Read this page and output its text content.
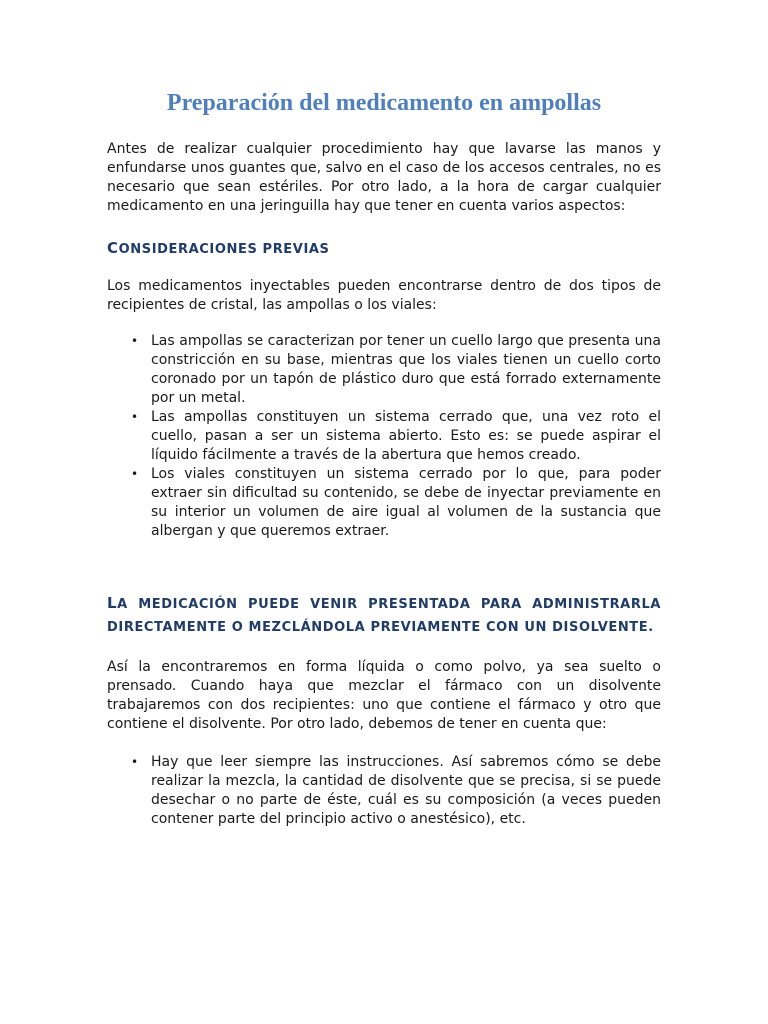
Preparación del medicamento en ampollas

Antes de realizar cualquier procedimiento hay que lavarse las manos y enfundarse unos guantes que, salvo en el caso de los accesos centrales, no es necesario que sean estériles. Por otro lado, a la hora de cargar cualquier medicamento en una jeringuilla hay que tener en cuenta varios aspectos:

CONSIDERACIONES PREVIAS

Los medicamentos inyectables pueden encontrarse dentro de dos tipos de recipientes de cristal, las ampollas o los viales:

• Las ampollas se caracterizan por tener un cuello largo que presenta una constricción en su base, mientras que los viales tienen un cuello corto coronado por un tapón de plástico duro que está forrado externamente por un metal.
• Las ampollas constituyen un sistema cerrado que, una vez roto el cuello, pasan a ser un sistema abierto. Esto es: se puede aspirar el líquido fácilmente a través de la abertura que hemos creado.
• Los viales constituyen un sistema cerrado por lo que, para poder extraer sin dificultad su contenido, se debe de inyectar previamente en su interior un volumen de aire igual al volumen de la sustancia que albergan y que queremos extraer.
LA MEDICACIÓN PUEDE VENIR PRESENTADA PARA ADMINISTRARLA DIRECTAMENTE O MEZCLÁNDOLA PREVIAMENTE CON UN DISOLVENTE.

Así la encontraremos en forma líquida o como polvo, ya sea suelto o prensado. Cuando haya que mezclar el fármaco con un disolvente trabajaremos con dos recipientes: uno que contiene el fármaco y otro que contiene el disolvente. Por otro lado, debemos de tener en cuenta que:

• Hay que leer siempre las instrucciones. Así sabremos cómo se debe realizar la mezcla, la cantidad de disolvente que se precisa, si se puede desechar o no parte de éste, cuál es su composición (a veces pueden contener parte del principio activo o anestésico), etc.
